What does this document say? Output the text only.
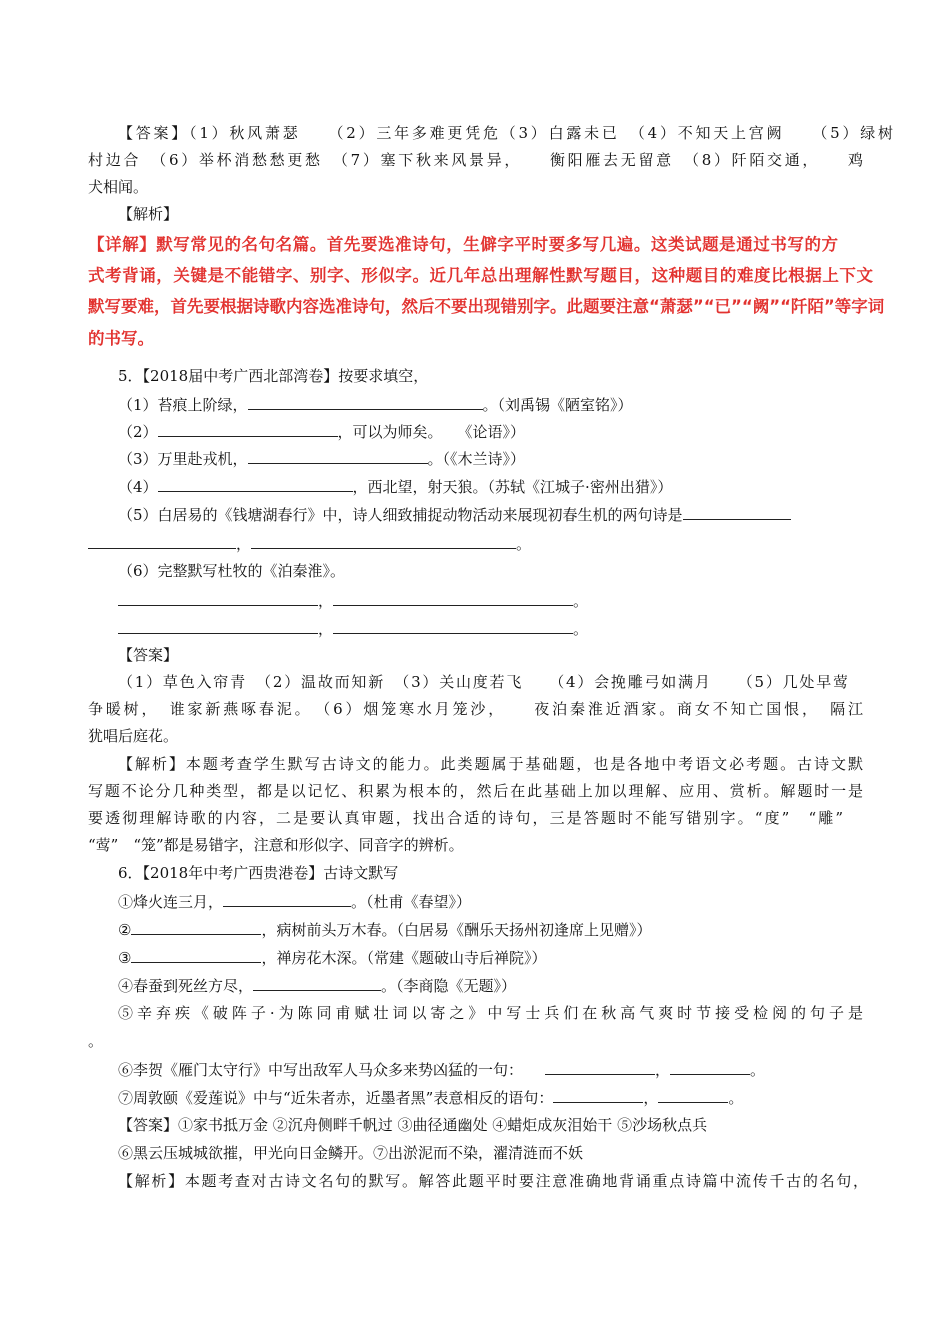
【答案】（1）秋风萧瑟　　（2）三年多难更凭危（3）白露未已　（4）不知天上宫阙　　（5）绿树
村边合　（6）举杯消愁愁更愁　（7）塞下秋来风景异，　　衡阳雁去无留意　（8）阡陌交通，　　鸡
犬相闻。
【解析】
【详解】默写常见的名句名篇。首先要选准诗句，生僻字平时要多写几遍。这类试题是通过书写的方
式考背诵，关键是不能错字、别字、形似字。近几年总出理解性默写题目，这种题目的难度比根据上下文
默写要难，首先要根据诗歌内容选准诗句，然后不要出现错别字。此题要注意“萧瑟”“已”“阙”“阡陌”等字词
的书写。
5．【2018届中考广西北部湾卷】按要求填空，
（1）苔痕上阶绿，	。（刘禹锡《陋室铭》）
（2）	，可以为师矣。　　《论语》）
（3）万里赴戎机，	。（《木兰诗》）
（4）	，西北望，射天狼。（苏轼《江城子·密州出猎》）
（5）白居易的《钱塘湖春行》中，诗人细致捕捉动物活动来展现初春生机的两句诗是
，	。
（6）完整默写杜牧的《泊秦淮》。
，	。
，	。
【答案】
（1）草色入帘青　（2）温故而知新　（3）关山度若飞　　（4）会挽雕弓如满月　　（5）几处早莺
争暖树，　谁家新燕啄春泥。　（6）烟笼寒水月笼沙，　　夜泊秦淮近酒家。商女不知亡国恨，　隔江
犹唱后庭花。
【解析】本题考查学生默写古诗文的能力。此类题属于基础题，也是各地中考语文必考题。古诗文默
写题不论分几种类型，都是以记忆、积累为根本的，然后在此基础上加以理解、应用、赏析。解题时一是
要透彻理解诗歌的内容，二是要认真审题，找出合适的诗句，三是答题时不能写错别字。“度”　“雕”
“莺”　“笼”都是易错字，注意和形似字、同音字的辨析。
6．【2018年中考广西贵港卷】古诗文默写
①烽火连三月，	。（杜甫《春望》）
②	，病树前头万木春。（白居易《酬乐天扬州初逢席上见赠》）
③	，禅房花木深。（常建《题破山寺后禅院》）
④春蚕到死丝方尽，	。（李商隐《无题》）
⑤辛弃疾《破阵子·为陈同甫赋壮词以寄之》中写士兵们在秋高气爽时节接受检阅的句子是
。
⑥李贺《雁门太守行》中写出敌军人马众多来势凶猛的一句：	，	。
⑦周敦颐《爱莲说》中与“近朱者赤，近墨者黑”表意相反的语句：	，	。
【答案】①家书抵万金 ②沉舟侧畔千帆过 ③曲径通幽处 ④蜡炬成灰泪始干 ⑤沙场秋点兵
⑥黑云压城城欲摧，甲光向日金鳞开。⑦出淤泥而不染，濯清涟而不妖
【解析】本题考查对古诗文名句的默写。解答此题平时要注意准确地背诵重点诗篇中流传千古的名句，
